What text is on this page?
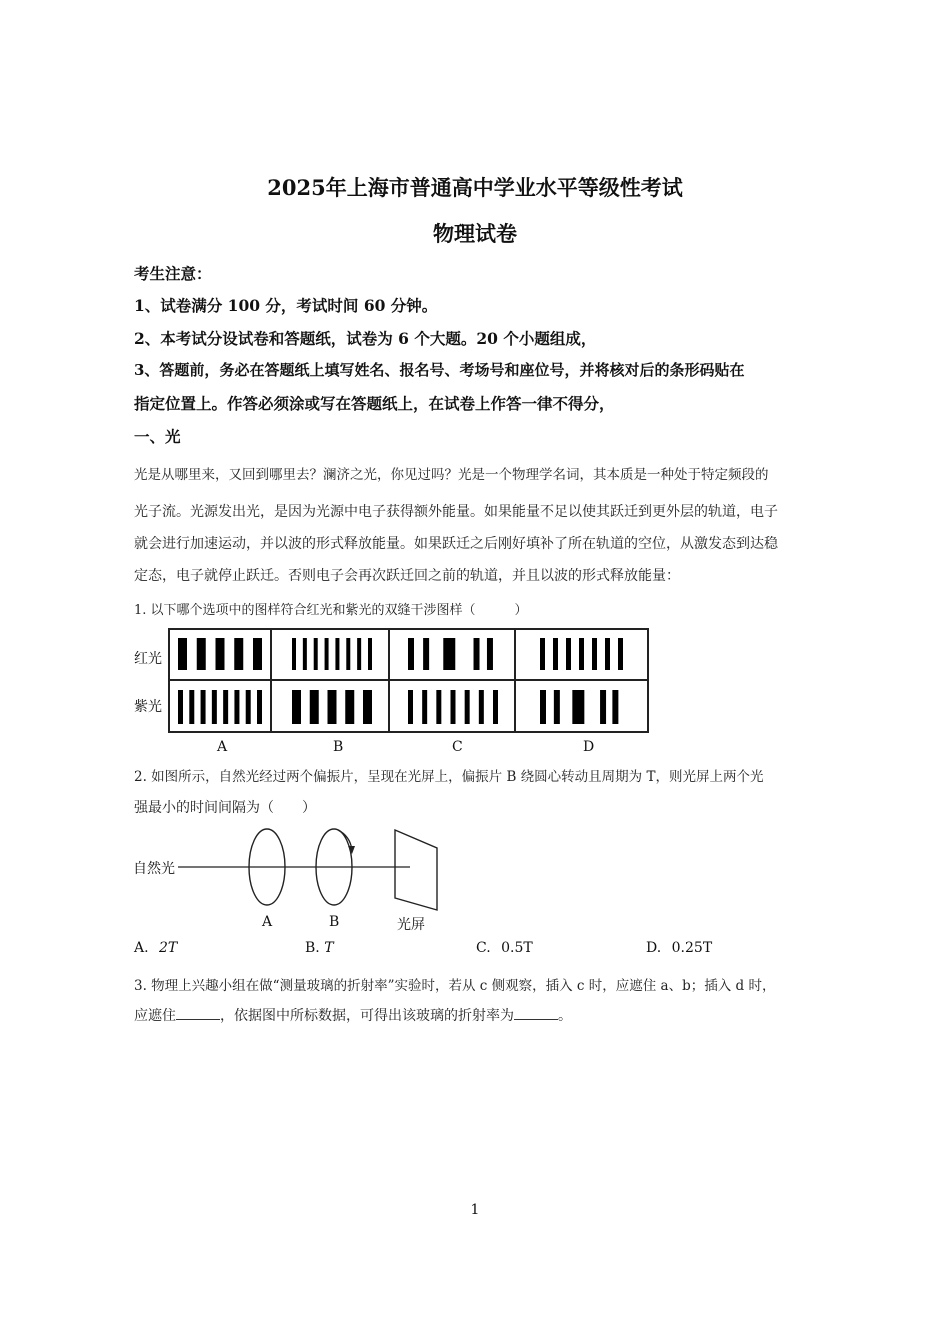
2025年上海市普通高中学业水平等级性考试
物理试卷
考生注意：
1、试卷满分 100 分，考试时间 60 分钟。
2、本考试分设试卷和答题纸，试卷为 6 个大题。20 个小题组成，
3、答题前，务必在答题纸上填写姓名、报名号、考场号和座位号，并将核对后的条形码贴在
指定位置上。作答必须涂或写在答题纸上，在试卷上作答一律不得分，
一、光
光是从哪里来，又回到哪里去？澜济之光，你见过吗？光是一个物理学名词，其本质是一种处于特定频段的
光子流。光源发出光，是因为光源中电子获得额外能量。如果能量不足以使其跃迁到更外层的轨道，电子
就会进行加速运动，并以波的形式释放能量。如果跃迁之后刚好填补了所在轨道的空位，从激发态到达稳
定态，电子就停止跃迁。否则电子会再次跃迁回之前的轨道，并且以波的形式释放能量：
1. 以下哪个选项中的图样符合红光和紫光的双缝干涉图样（　　　）
红光
紫光
A	B	C	D
2. 如图所示，自然光经过两个偏振片，呈现在光屏上，偏振片 B 绕圆心转动且周期为 T，则光屏上两个光
强最小的时间间隔为（　　）
自然光
A	B	光屏
A. 2T	B. T	C. 0.5T	D. 0.25T
3. 物理上兴趣小组在做“测量玻璃的折射率”实验时，若从 c 侧观察，插入 c 时，应遮住 a、b；插入 d 时，
应遮住	，依据图中所标数据，可得出该玻璃的折射率为	。
1
